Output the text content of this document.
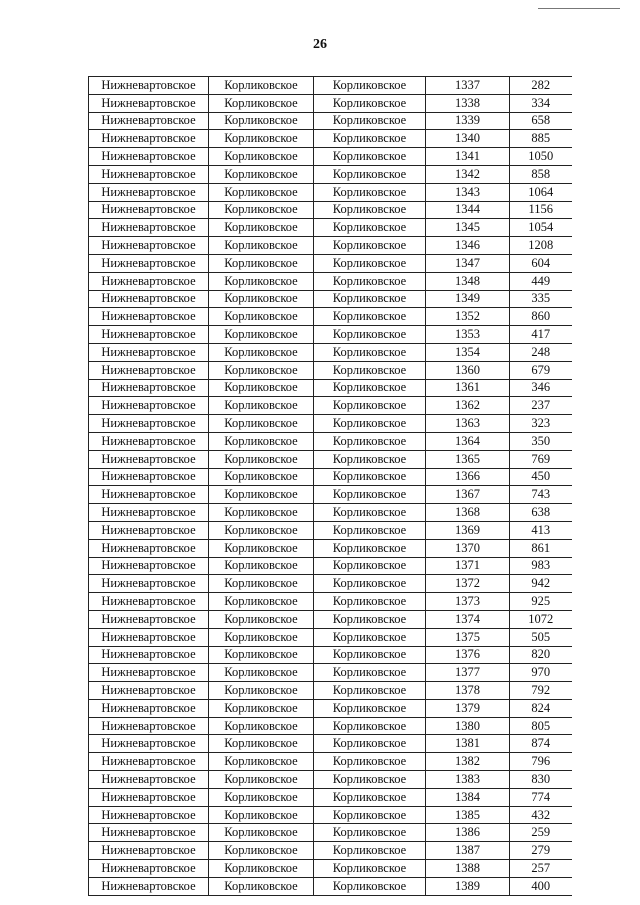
26
Нижневартовское	Корликовское	Корликовское	1337	282
Нижневартовское	Корликовское	Корликовское	1338	334
Нижневартовское	Корликовское	Корликовское	1339	658
Нижневартовское	Корликовское	Корликовское	1340	885
Нижневартовское	Корликовское	Корликовское	1341	1050
Нижневартовское	Корликовское	Корликовское	1342	858
Нижневартовское	Корликовское	Корликовское	1343	1064
Нижневартовское	Корликовское	Корликовское	1344	1156
Нижневартовское	Корликовское	Корликовское	1345	1054
Нижневартовское	Корликовское	Корликовское	1346	1208
Нижневартовское	Корликовское	Корликовское	1347	604
Нижневартовское	Корликовское	Корликовское	1348	449
Нижневартовское	Корликовское	Корликовское	1349	335
Нижневартовское	Корликовское	Корликовское	1352	860
Нижневартовское	Корликовское	Корликовское	1353	417
Нижневартовское	Корликовское	Корликовское	1354	248
Нижневартовское	Корликовское	Корликовское	1360	679
Нижневартовское	Корликовское	Корликовское	1361	346
Нижневартовское	Корликовское	Корликовское	1362	237
Нижневартовское	Корликовское	Корликовское	1363	323
Нижневартовское	Корликовское	Корликовское	1364	350
Нижневартовское	Корликовское	Корликовское	1365	769
Нижневартовское	Корликовское	Корликовское	1366	450
Нижневартовское	Корликовское	Корликовское	1367	743
Нижневартовское	Корликовское	Корликовское	1368	638
Нижневартовское	Корликовское	Корликовское	1369	413
Нижневартовское	Корликовское	Корликовское	1370	861
Нижневартовское	Корликовское	Корликовское	1371	983
Нижневартовское	Корликовское	Корликовское	1372	942
Нижневартовское	Корликовское	Корликовское	1373	925
Нижневартовское	Корликовское	Корликовское	1374	1072
Нижневартовское	Корликовское	Корликовское	1375	505
Нижневартовское	Корликовское	Корликовское	1376	820
Нижневартовское	Корликовское	Корликовское	1377	970
Нижневартовское	Корликовское	Корликовское	1378	792
Нижневартовское	Корликовское	Корликовское	1379	824
Нижневартовское	Корликовское	Корликовское	1380	805
Нижневартовское	Корликовское	Корликовское	1381	874
Нижневартовское	Корликовское	Корликовское	1382	796
Нижневартовское	Корликовское	Корликовское	1383	830
Нижневартовское	Корликовское	Корликовское	1384	774
Нижневартовское	Корликовское	Корликовское	1385	432
Нижневартовское	Корликовское	Корликовское	1386	259
Нижневартовское	Корликовское	Корликовское	1387	279
Нижневартовское	Корликовское	Корликовское	1388	257
Нижневартовское	Корликовское	Корликовское	1389	400
